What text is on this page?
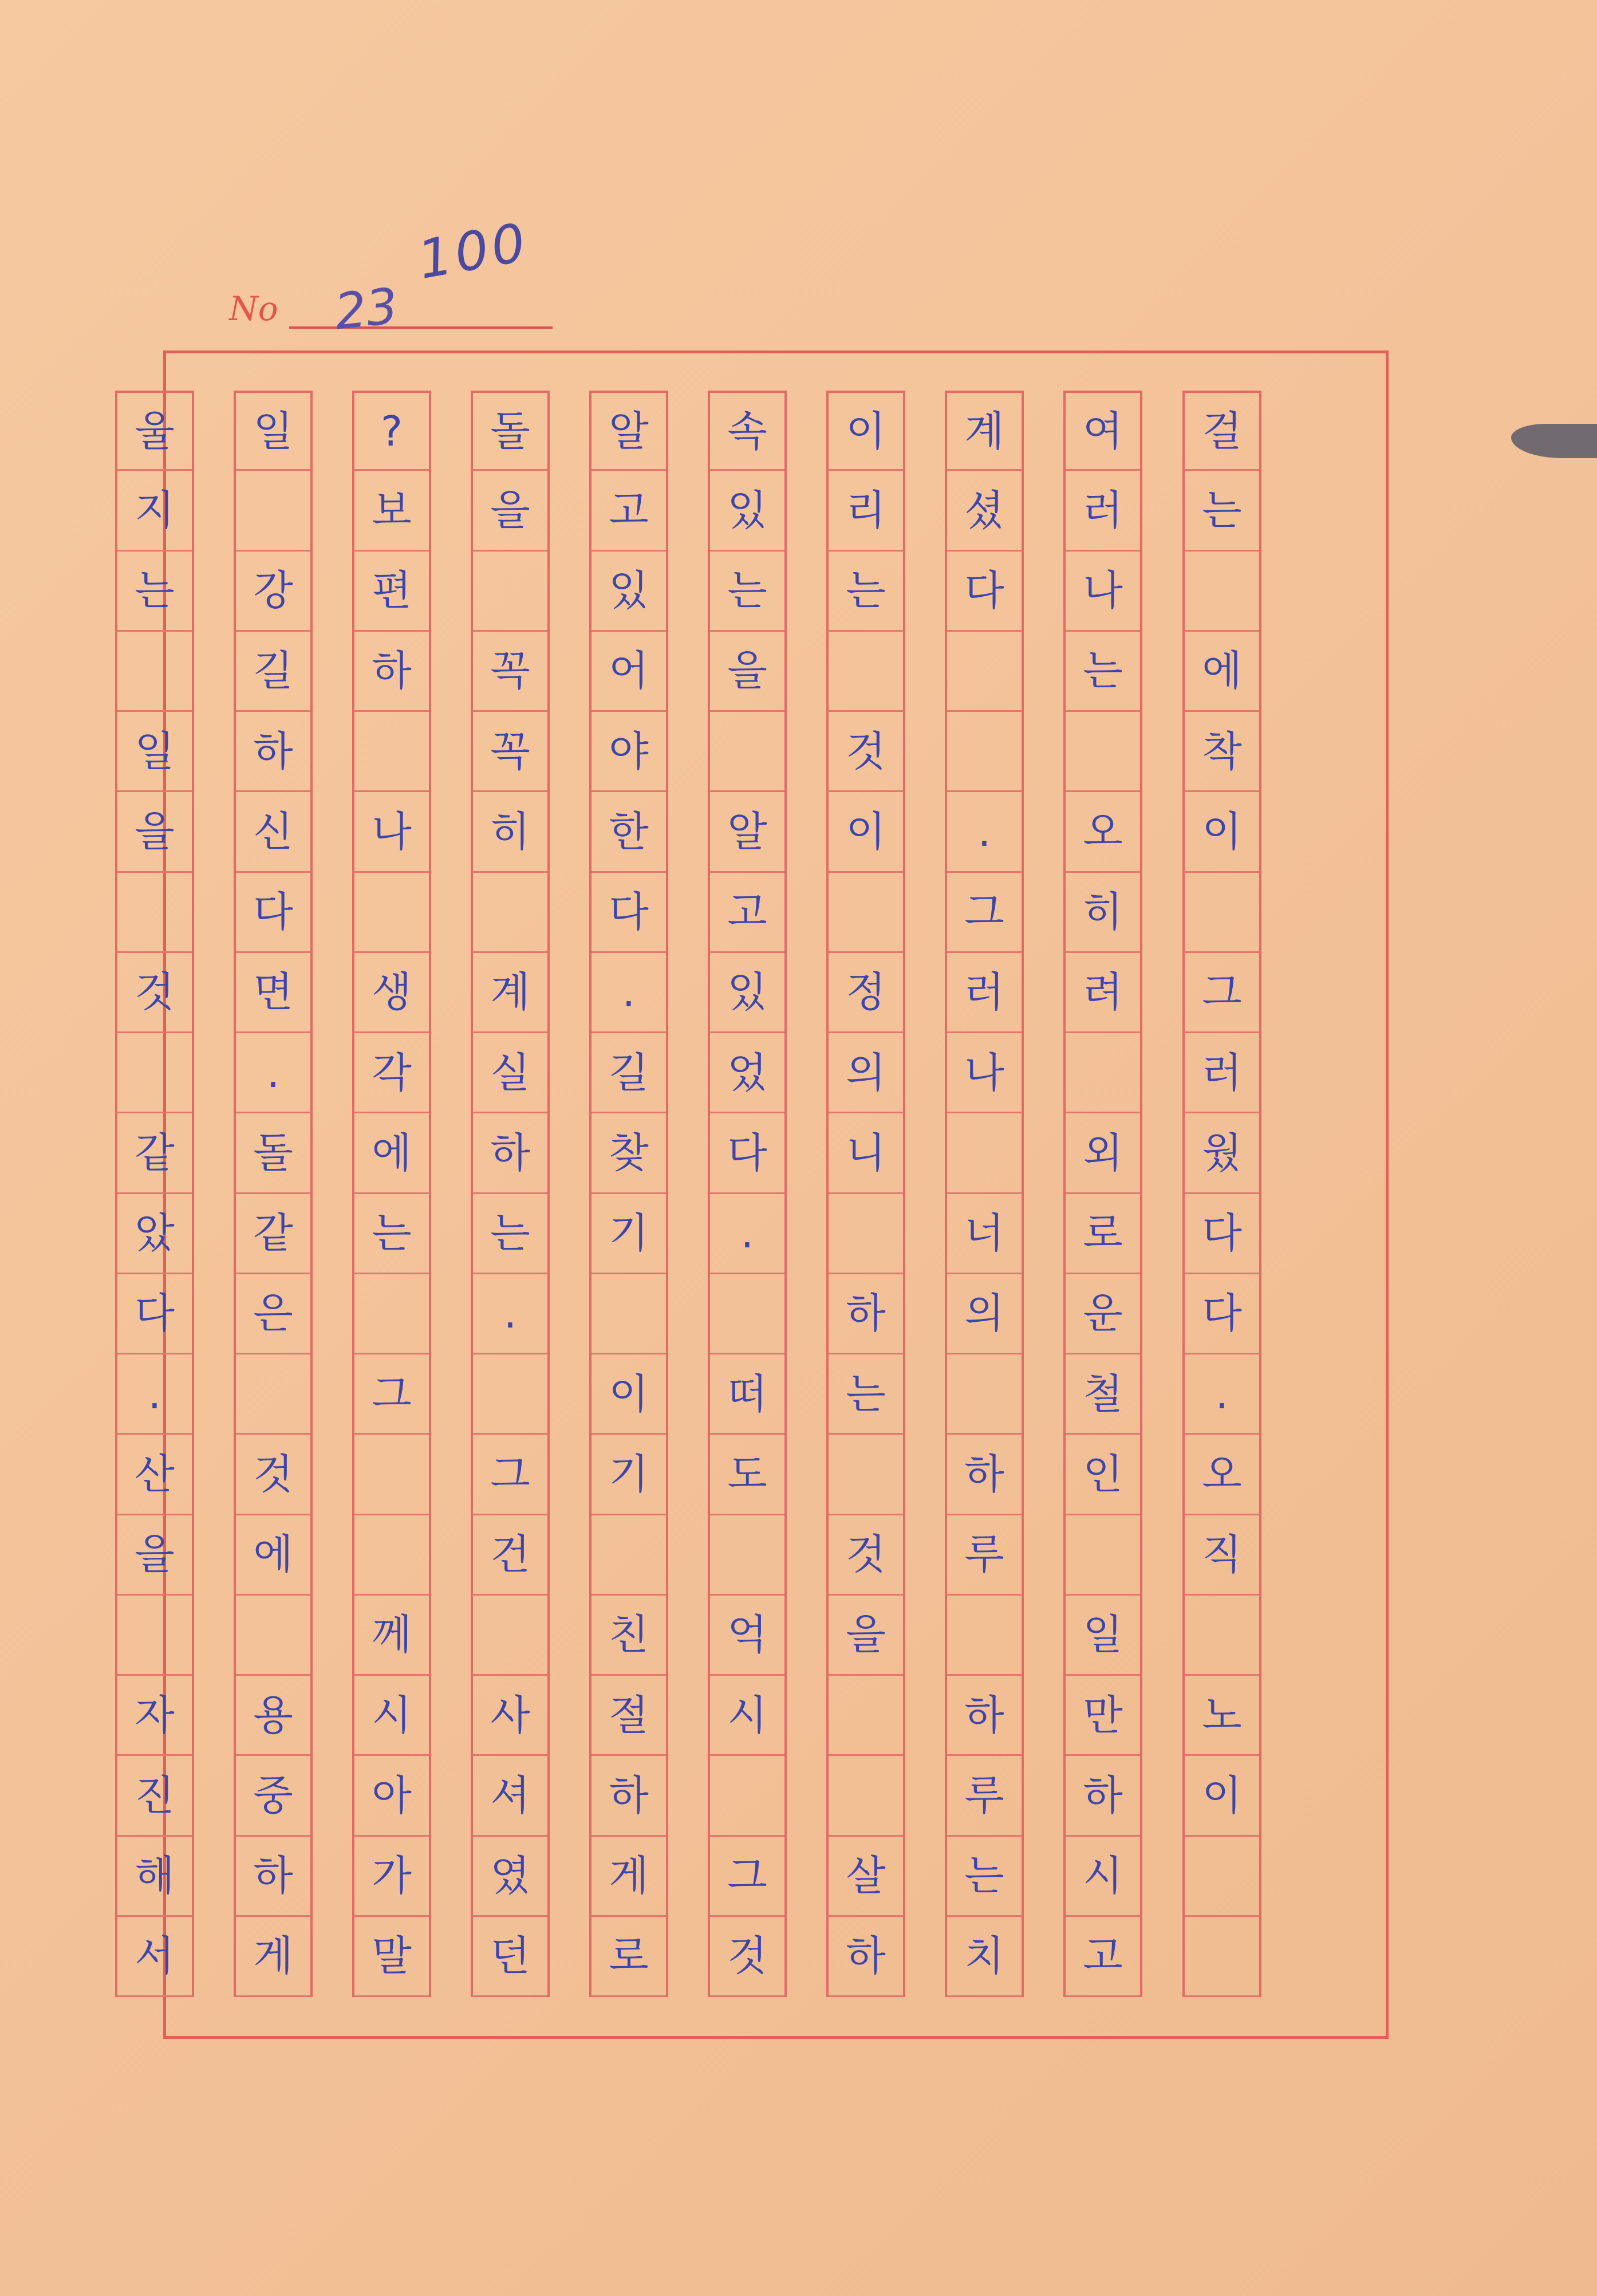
No 23
100
걸
는
에
착
이
그
러
웠
다
다
.
오
직
노
이
여
러
나
는
오
히
려
외
로
운
철
인
일
만
하
시
고
계
셨
다
.
그
러
나
너
의
하
루
하
루
는
치
이
리
는
것
이
정
의
니
하
는
것
을
살
하
속
있
는
을
알
고
있
었
다
.
떠
도
억
시
그
것
알
고
있
어
야
한
다
.
길
찾
기
이
기
친
절
하
게
로
돌
을
꼭
꼭
히
계
실
하
는
.
그
건
사
셔
였
던
?
보
편
하
나
생
각
에
는
그
께
시
아
가
말
일
강
길
하
신
다
면
.
돌
같
은
것
에
용
중
하
게
울
지
는
일
을
것
같
았
다
.
산
을
자
진
해
서
